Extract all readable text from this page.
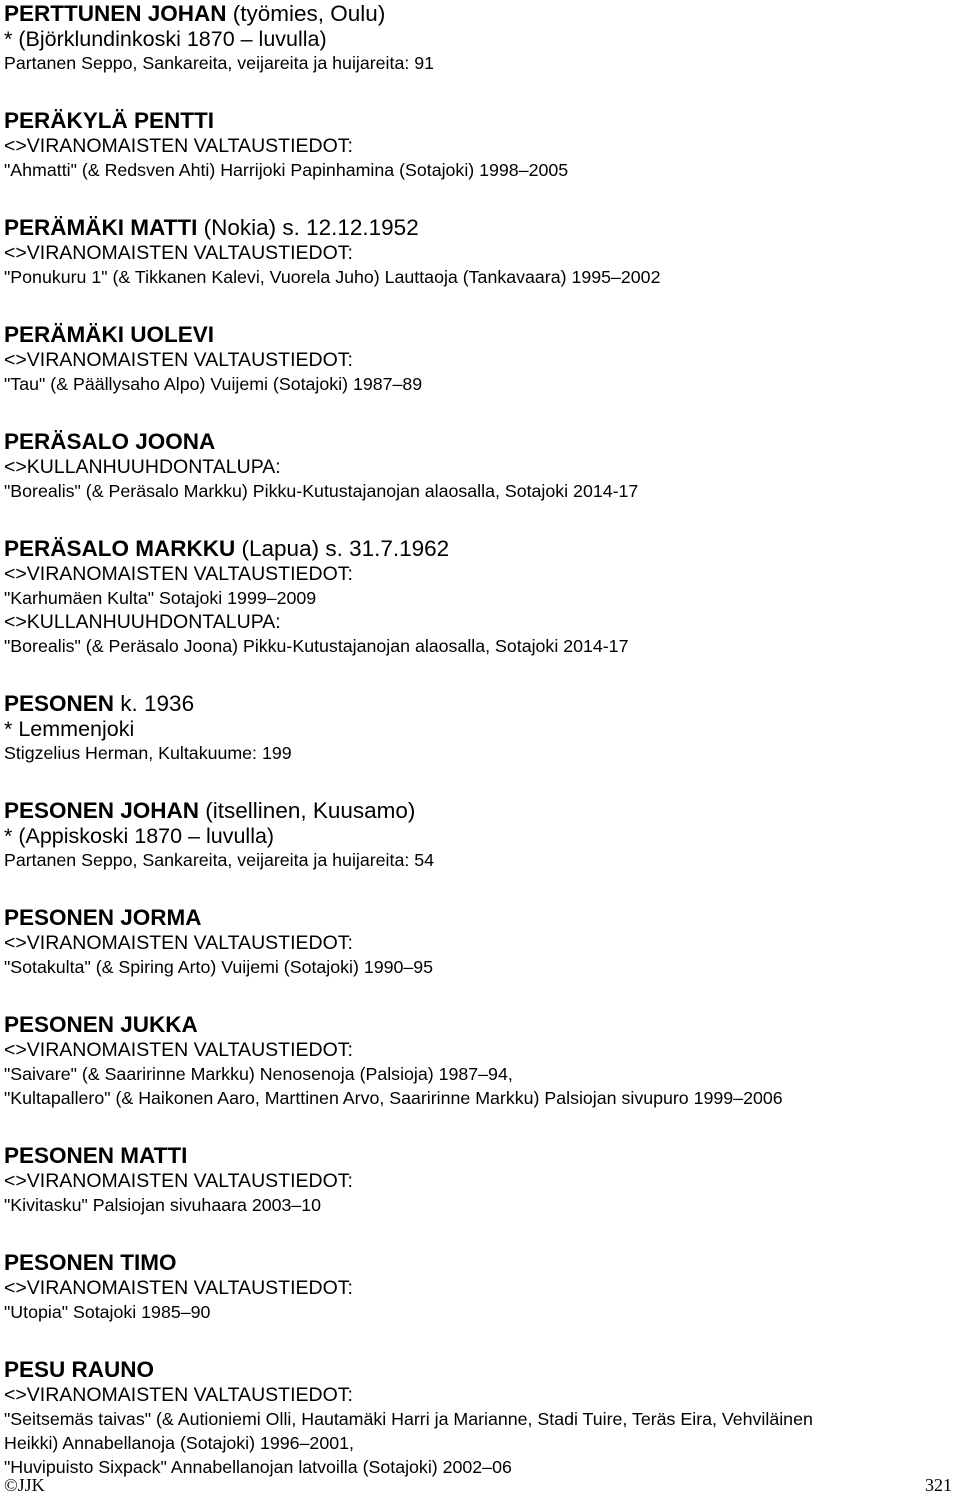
PERTTUNEN JOHAN (työmies, Oulu)
* (Björklundinkoski 1870 – luvulla)
Partanen Seppo, Sankareita, veijareita ja huijareita: 91
PERÄKYLÄ PENTTI
<>VIRANOMAISTEN VALTAUSTIEDOT:
"Ahmatti" (& Redsven Ahti) Harrijoki Papinhamina (Sotajoki) 1998–2005
PERÄMÄKI MATTI (Nokia) s. 12.12.1952
<>VIRANOMAISTEN VALTAUSTIEDOT:
"Ponukuru 1" (& Tikkanen Kalevi, Vuorela Juho) Lauttaoja (Tankavaara) 1995–2002
PERÄMÄKI UOLEVI
<>VIRANOMAISTEN VALTAUSTIEDOT:
"Tau" (& Päällysaho Alpo) Vuijemi (Sotajoki) 1987–89
PERÄSALO JOONA
<>KULLANHUUHDONTALUPA:
"Borealis" (& Peräsalo Markku) Pikku-Kutustajanojan alaosalla, Sotajoki 2014-17
PERÄSALO MARKKU (Lapua) s. 31.7.1962
<>VIRANOMAISTEN VALTAUSTIEDOT:
"Karhumäen Kulta" Sotajoki 1999–2009
<>KULLANHUUHDONTALUPA:
"Borealis" (& Peräsalo Joona) Pikku-Kutustajanojan alaosalla, Sotajoki 2014-17
PESONEN k. 1936
* Lemmenjoki
Stigzelius Herman, Kultakuume: 199
PESONEN JOHAN (itsellinen, Kuusamo)
* (Appiskoski 1870 – luvulla)
Partanen Seppo, Sankareita, veijareita ja huijareita: 54
PESONEN JORMA
<>VIRANOMAISTEN VALTAUSTIEDOT:
"Sotakulta" (& Spiring Arto) Vuijemi (Sotajoki) 1990–95
PESONEN JUKKA
<>VIRANOMAISTEN VALTAUSTIEDOT:
"Saivare" (& Saaririnne Markku) Nenosenoja (Palsioja) 1987–94,
"Kultapallero" (& Haikonen Aaro, Marttinen Arvo, Saaririnne Markku) Palsiojan sivupuro 1999–2006
PESONEN MATTI
<>VIRANOMAISTEN VALTAUSTIEDOT:
"Kivitasku" Palsiojan sivuhaara 2003–10
PESONEN TIMO
<>VIRANOMAISTEN VALTAUSTIEDOT:
"Utopia" Sotajoki 1985–90
PESU RAUNO
<>VIRANOMAISTEN VALTAUSTIEDOT:
"Seitsemäs taivas" (& Autioniemi Olli, Hautamäki Harri ja Marianne, Stadi Tuire, Teräs Eira, Vehviläinen
Heikki) Annabellanoja (Sotajoki) 1996–2001,
"Huvipuisto Sixpack" Annabellanojan latvoilla (Sotajoki) 2002–06
©JJK	321
